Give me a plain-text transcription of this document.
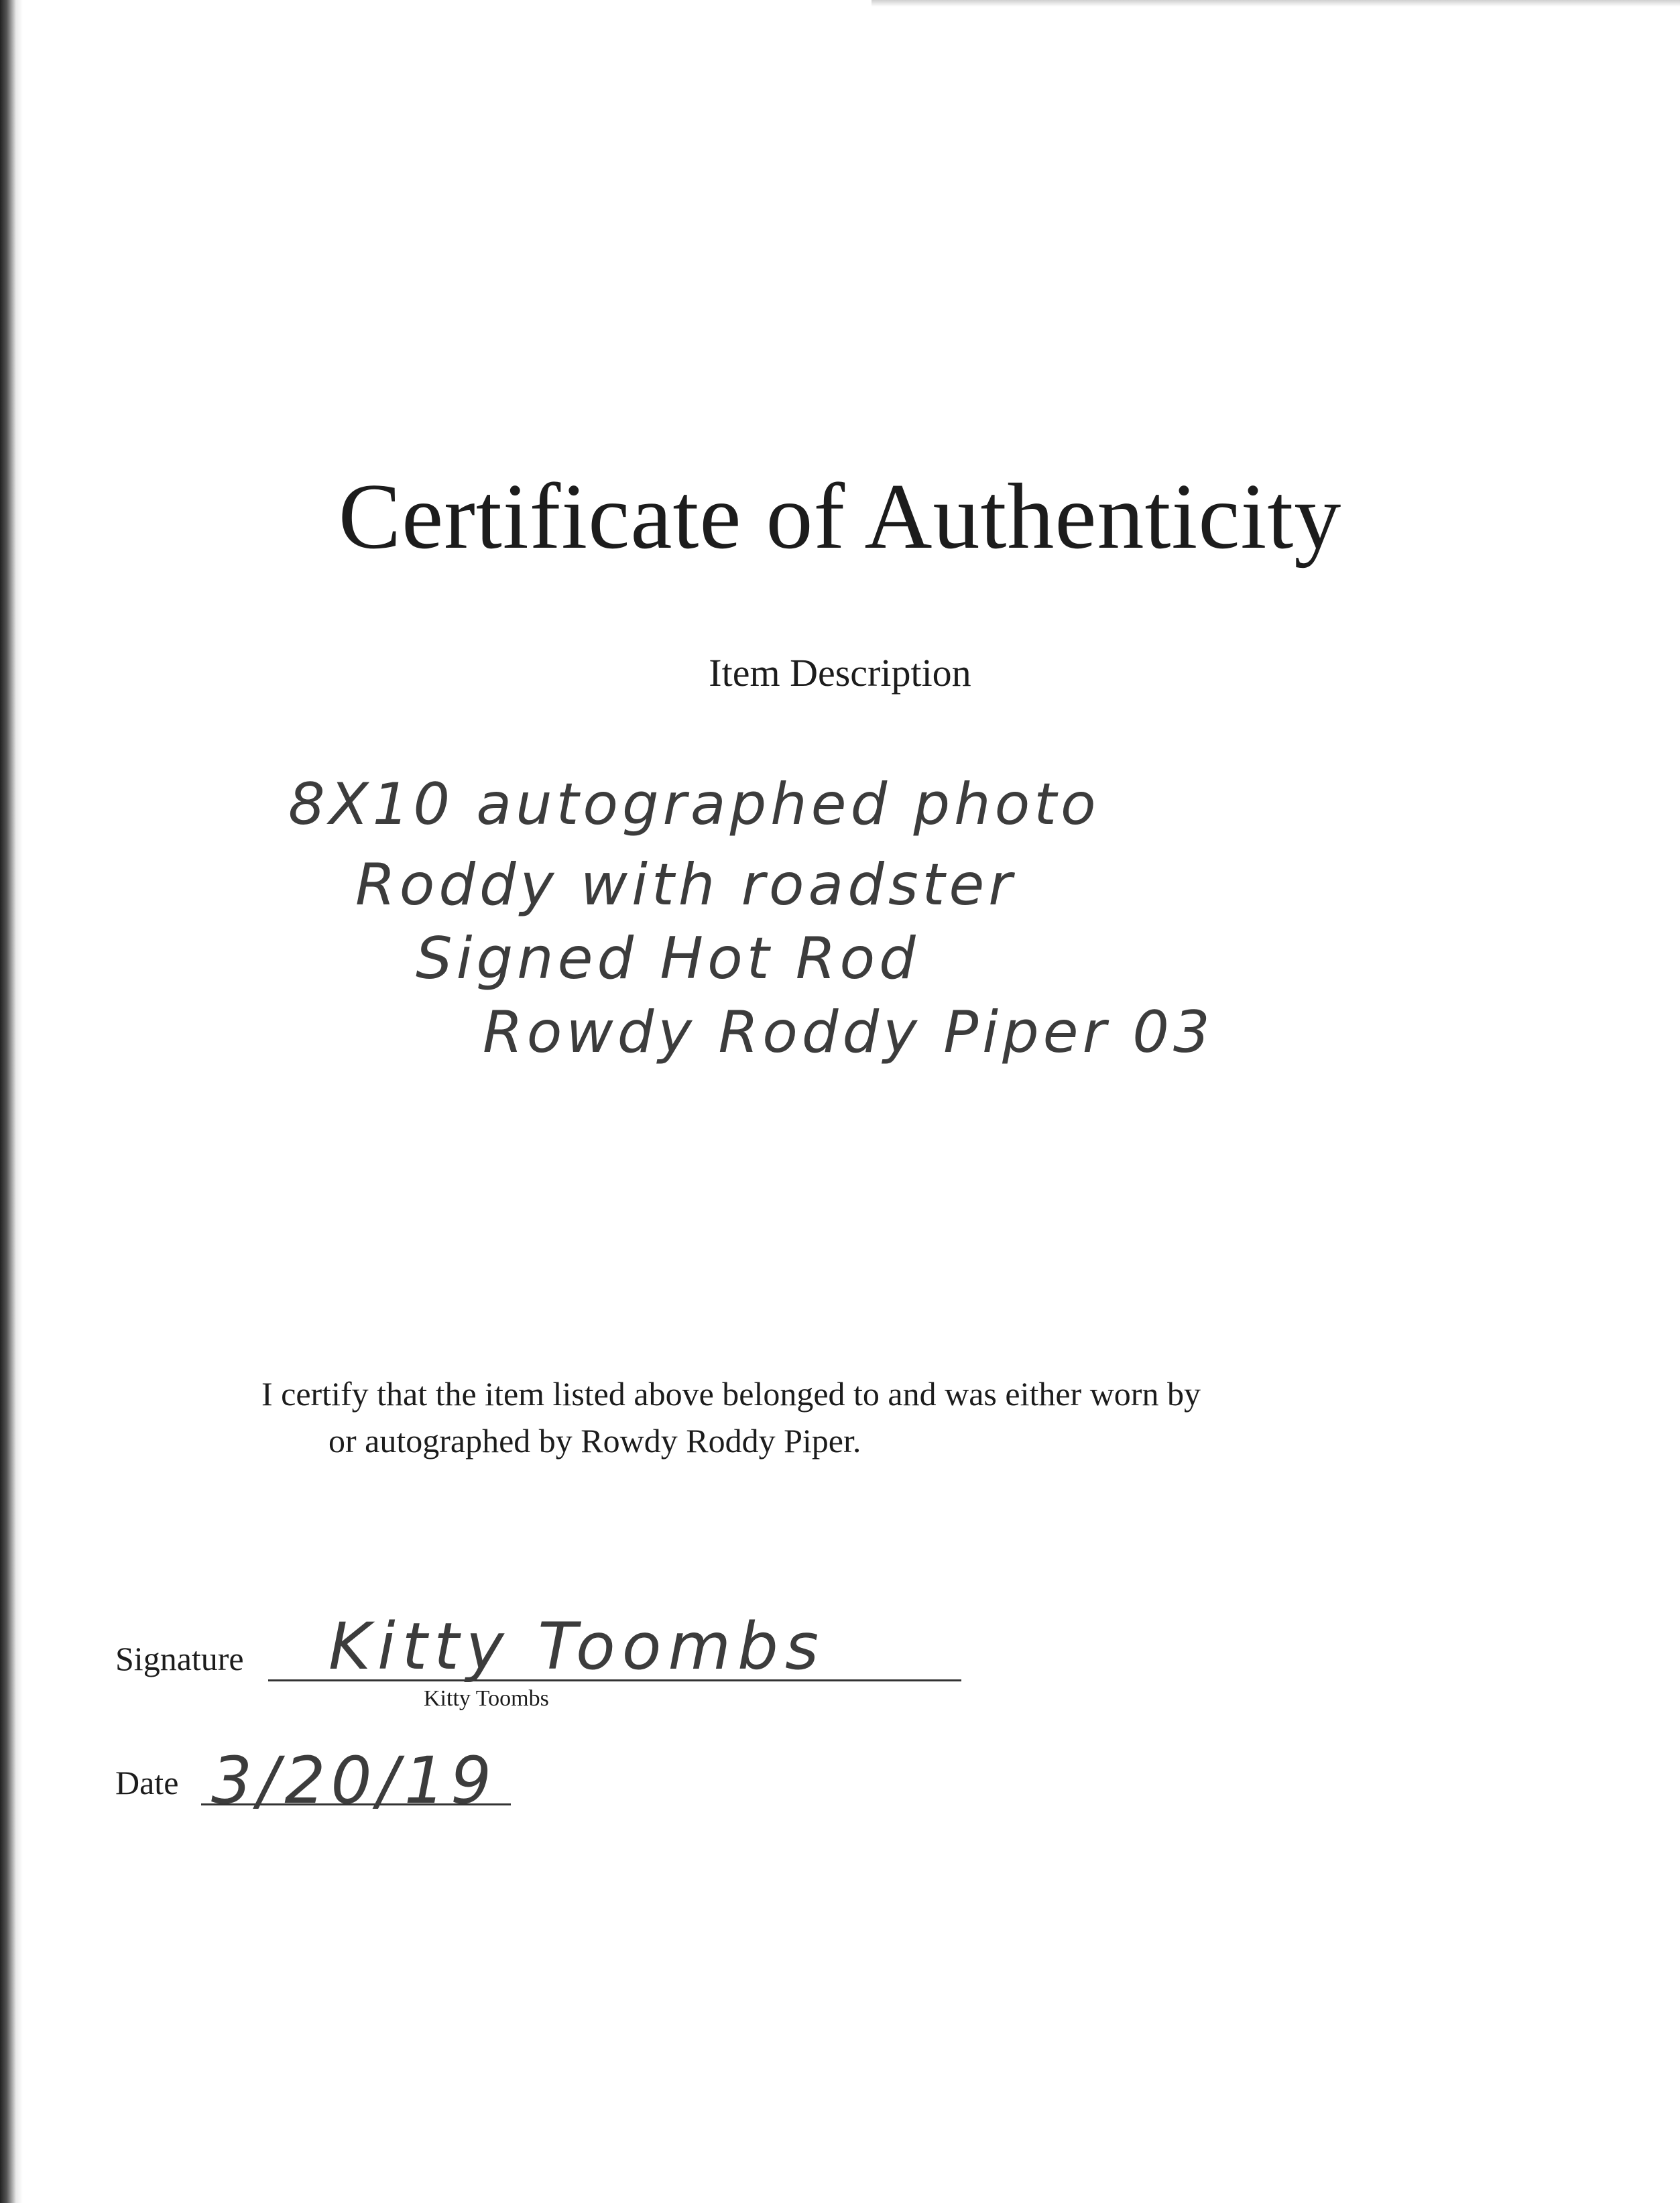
Certificate of Authenticity
Item Description
8X10 autographed photo
Roddy with roadster
Signed Hot Rod
Rowdy Roddy Piper 03
I certify that the item listed above belonged to and was either worn by
or autographed by Rowdy Roddy Piper.
Signature Kitty Toombs
Kitty Toombs
Date 3/20/19
